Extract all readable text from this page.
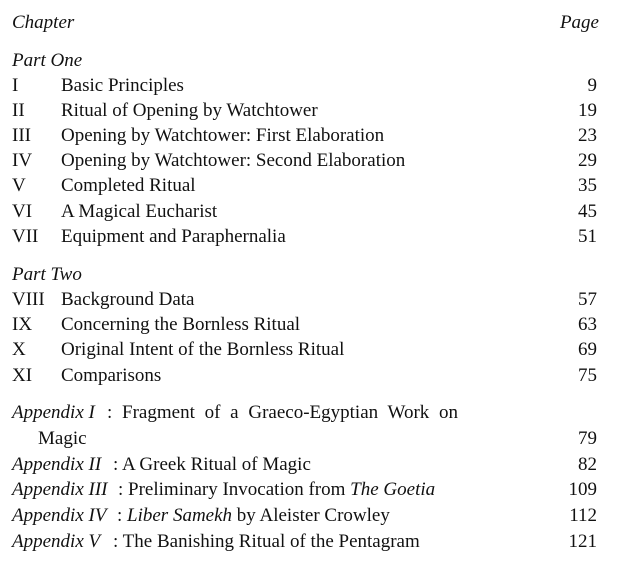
Chapter	Page
Part One
I Basic Principles	9
II Ritual of Opening by Watchtower	19
III Opening by Watchtower: First Elaboration	23
IV Opening by Watchtower: Second Elaboration	29
V Completed Ritual	35
VI A Magical Eucharist	45
VII Equipment and Paraphernalia	51
Part Two
VIII Background Data	57
IX Concerning the Bornless Ritual	63
X Original Intent of the Bornless Ritual	69
XI Comparisons	75
Appendix I : Fragment of a Graeco-Egyptian Work on
Magic	79
Appendix II : A Greek Ritual of Magic	82
Appendix III : Preliminary Invocation from The Goetia	109
Appendix IV : Liber Samekh by Aleister Crowley	112
Appendix V : The Banishing Ritual of the Pentagram	121
